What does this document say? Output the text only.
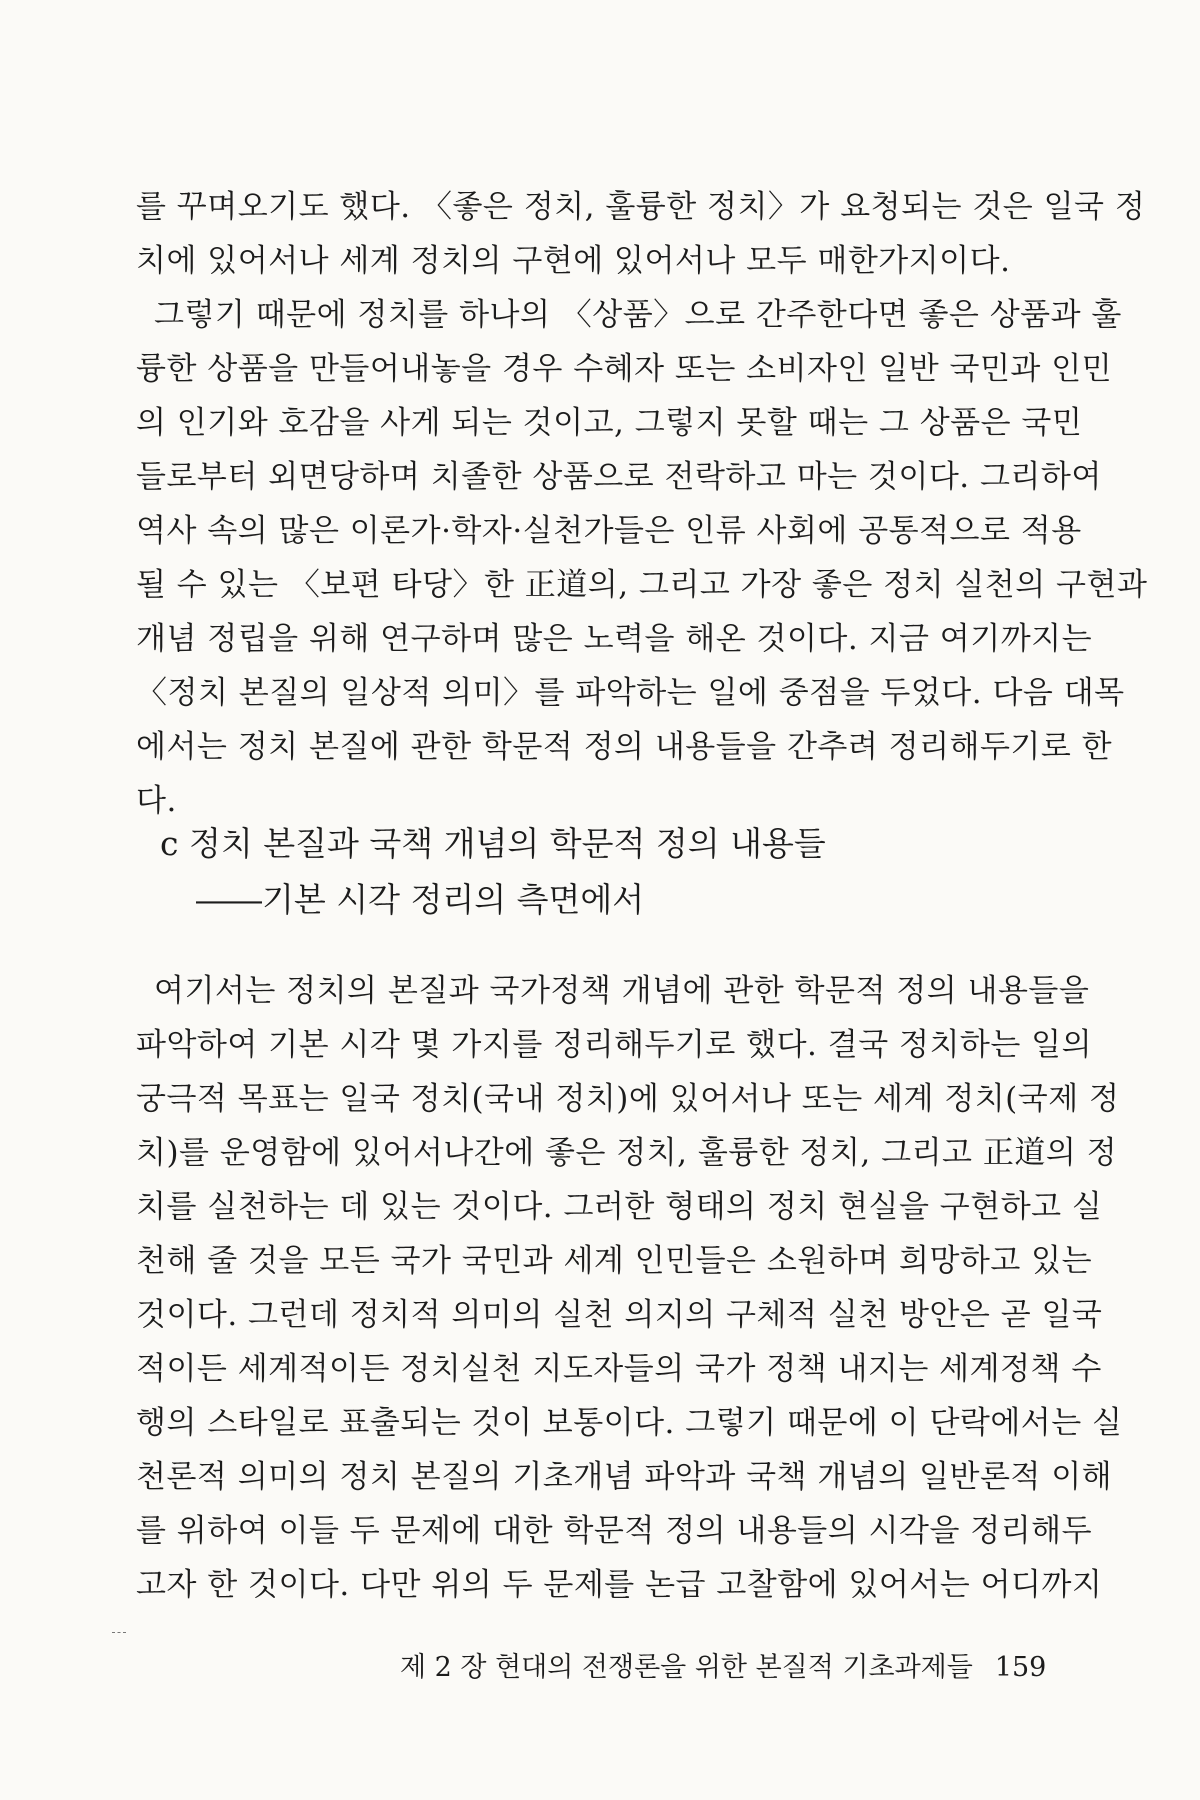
를 꾸며오기도 했다. 〈좋은 정치, 훌륭한 정치〉가 요청되는 것은 일국 정
치에 있어서나 세계 정치의 구현에 있어서나 모두 매한가지이다.
그렇기 때문에 정치를 하나의 〈상품〉으로 간주한다면 좋은 상품과 훌
륭한 상품을 만들어내놓을 경우 수혜자 또는 소비자인 일반 국민과 인민
의 인기와 호감을 사게 되는 것이고, 그렇지 못할 때는 그 상품은 국민
들로부터 외면당하며 치졸한 상품으로 전락하고 마는 것이다. 그리하여
역사 속의 많은 이론가·학자·실천가들은 인류 사회에 공통적으로 적용
될 수 있는 〈보편 타당〉한 正道의, 그리고 가장 좋은 정치 실천의 구현과
개념 정립을 위해 연구하며 많은 노력을 해온 것이다. 지금 여기까지는
〈정치 본질의 일상적 의미〉를 파악하는 일에 중점을 두었다. 다음 대목
에서는 정치 본질에 관한 학문적 정의 내용들을 간추려 정리해두기로 한
다.
c 정치 본질과 국책 개념의 학문적 정의 내용들
――기본 시각 정리의 측면에서
여기서는 정치의 본질과 국가정책 개념에 관한 학문적 정의 내용들을
파악하여 기본 시각 몇 가지를 정리해두기로 했다. 결국 정치하는 일의
궁극적 목표는 일국 정치(국내 정치)에 있어서나 또는 세계 정치(국제 정
치)를 운영함에 있어서나간에 좋은 정치, 훌륭한 정치, 그리고 正道의 정
치를 실천하는 데 있는 것이다. 그러한 형태의 정치 현실을 구현하고 실
천해 줄 것을 모든 국가 국민과 세계 인민들은 소원하며 희망하고 있는
것이다. 그런데 정치적 의미의 실천 의지의 구체적 실천 방안은 곧 일국
적이든 세계적이든 정치실천 지도자들의 국가 정책 내지는 세계정책 수
행의 스타일로 표출되는 것이 보통이다. 그렇기 때문에 이 단락에서는 실
천론적 의미의 정치 본질의 기초개념 파악과 국책 개념의 일반론적 이해
를 위하여 이들 두 문제에 대한 학문적 정의 내용들의 시각을 정리해두
고자 한 것이다. 다만 위의 두 문제를 논급 고찰함에 있어서는 어디까지
제 2 장 현대의 전쟁론을 위한 본질적 기초과제들 159
